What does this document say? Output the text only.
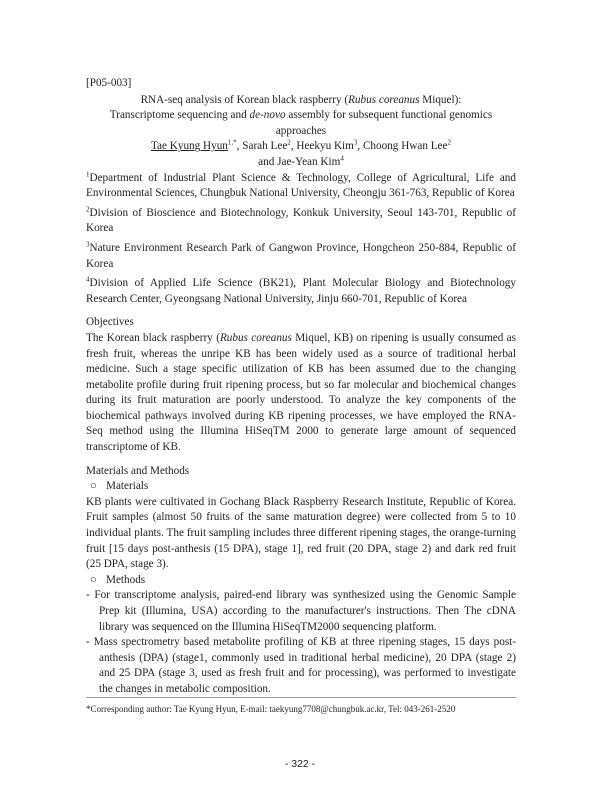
[P05-003]

RNA-seq analysis of Korean black raspberry (Rubus coreanus Miquel):
Transcriptome sequencing and de-novo assembly for subsequent functional genomics approaches

Tae Kyung Hyun$^{1,*}$, Sarah Lee$^2$, Heekyu Kim$^3$, Choong Hwan Lee$^2$
and Jae-Yean Kim$^4$

$^1$Department of Industrial Plant Science & Technology, College of Agricultural, Life and Environmental Sciences, Chungbuk National University, Cheongju 361-763, Republic of Korea

$^2$Division of Bioscience and Biotechnology, Konkuk University, Seoul 143-701, Republic of Korea

$^3$Nature Environment Research Park of Gangwon Province, Hongcheon 250-884, Republic of Korea

$^4$Division of Applied Life Science (BK21), Plant Molecular Biology and Biotechnology Research Center, Gyeongsang National University, Jinju 660-701, Republic of Korea

Objectives

The Korean black raspberry (Rubus coreanus Miquel, KB) on ripening is usually consumed as fresh fruit, whereas the unripe KB has been widely used as a source of traditional herbal medicine. Such a stage specific utilization of KB has been assumed due to the changing metabolite profile during fruit ripening process, but so far molecular and biochemical changes during its fruit maturation are poorly understood. To analyze the key components of the biochemical pathways involved during KB ripening processes, we have employed the RNA-Seq method using the Illumina HiSeqTM 2000 to generate large amount of sequenced transcriptome of KB.

Materials and Methods

○ Materials

KB plants were cultivated in Gochang Black Raspberry Research Institute, Republic of Korea. Fruit samples (almost 50 fruits of the same maturation degree) were collected from 5 to 10 individual plants. The fruit sampling includes three different ripening stages, the orange-turning fruit [15 days post-anthesis (15 DPA), stage 1], red fruit (20 DPA, stage 2) and dark red fruit (25 DPA, stage 3).

○ Methods

- For transcriptome analysis, paired-end library was synthesized using the Genomic Sample Prep kit (Illumina, USA) according to the manufacturer's instructions. Then The cDNA library was sequenced on the Illumina HiSeqTM2000 sequencing platform.

- Mass spectrometry based metabolite profiling of KB at three ripening stages, 15 days post-anthesis (DPA) (stage1, commonly used in traditional herbal medicine), 20 DPA (stage 2) and 25 DPA (stage 3, used as fresh fruit and for processing), was performed to investigate the changes in metabolic composition.

*Corresponding author: Tae Kyung Hyun, E-mail: taekyung7708@chungbuk.ac.kr, Tel: 043-261-2520
- 322 -
